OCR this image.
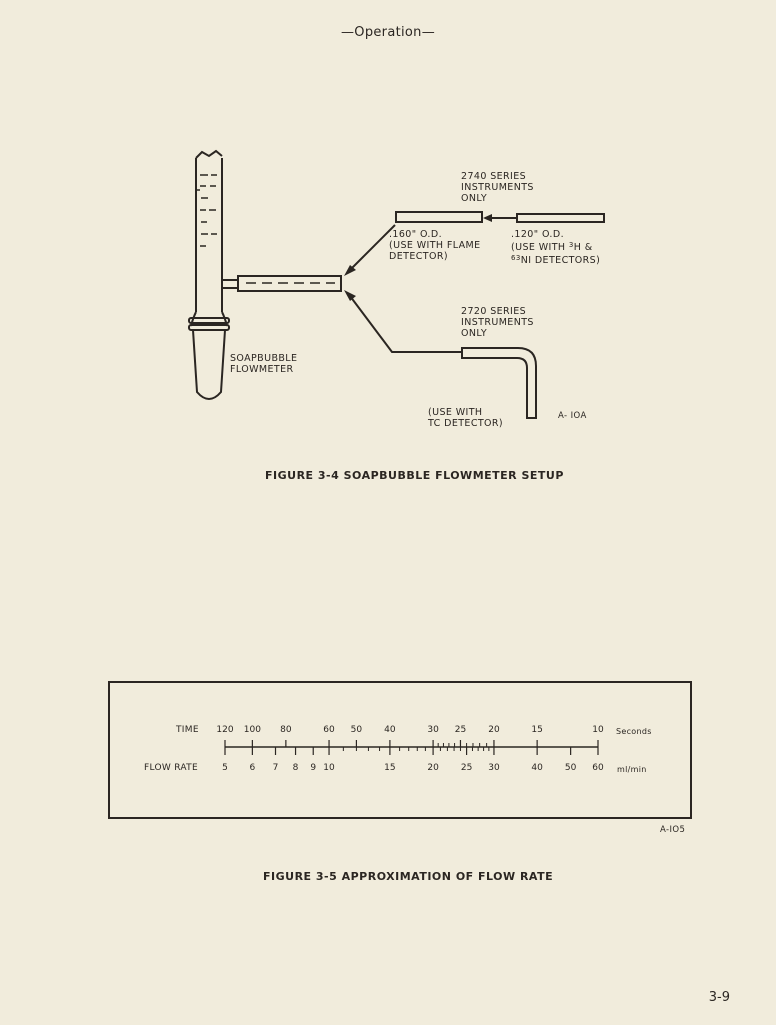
—Operation—
2740 SERIES
INSTRUMENTS
ONLY
.160" O.D.
(USE WITH FLAME
DETECTOR)
.120" O.D.
(USE WITH $^3$H &
$^{63}$NI DETECTORS)
2720 SERIES
INSTRUMENTS
ONLY
SOAPBUBBLE
FLOWMETER
(USE WITH
TC DETECTOR)
A- IOA
FIGURE 3-4 SOAPBUBBLE FLOWMETER SETUP
TIME	Seconds
FLOW RATE	ml/min
120 100 80	60 50 40	30 25 20	15	10
5 6 7 8 9 10	15	20 25 30	40 50 60
A-IO5
FIGURE 3-5 APPROXIMATION OF FLOW RATE
3-9
